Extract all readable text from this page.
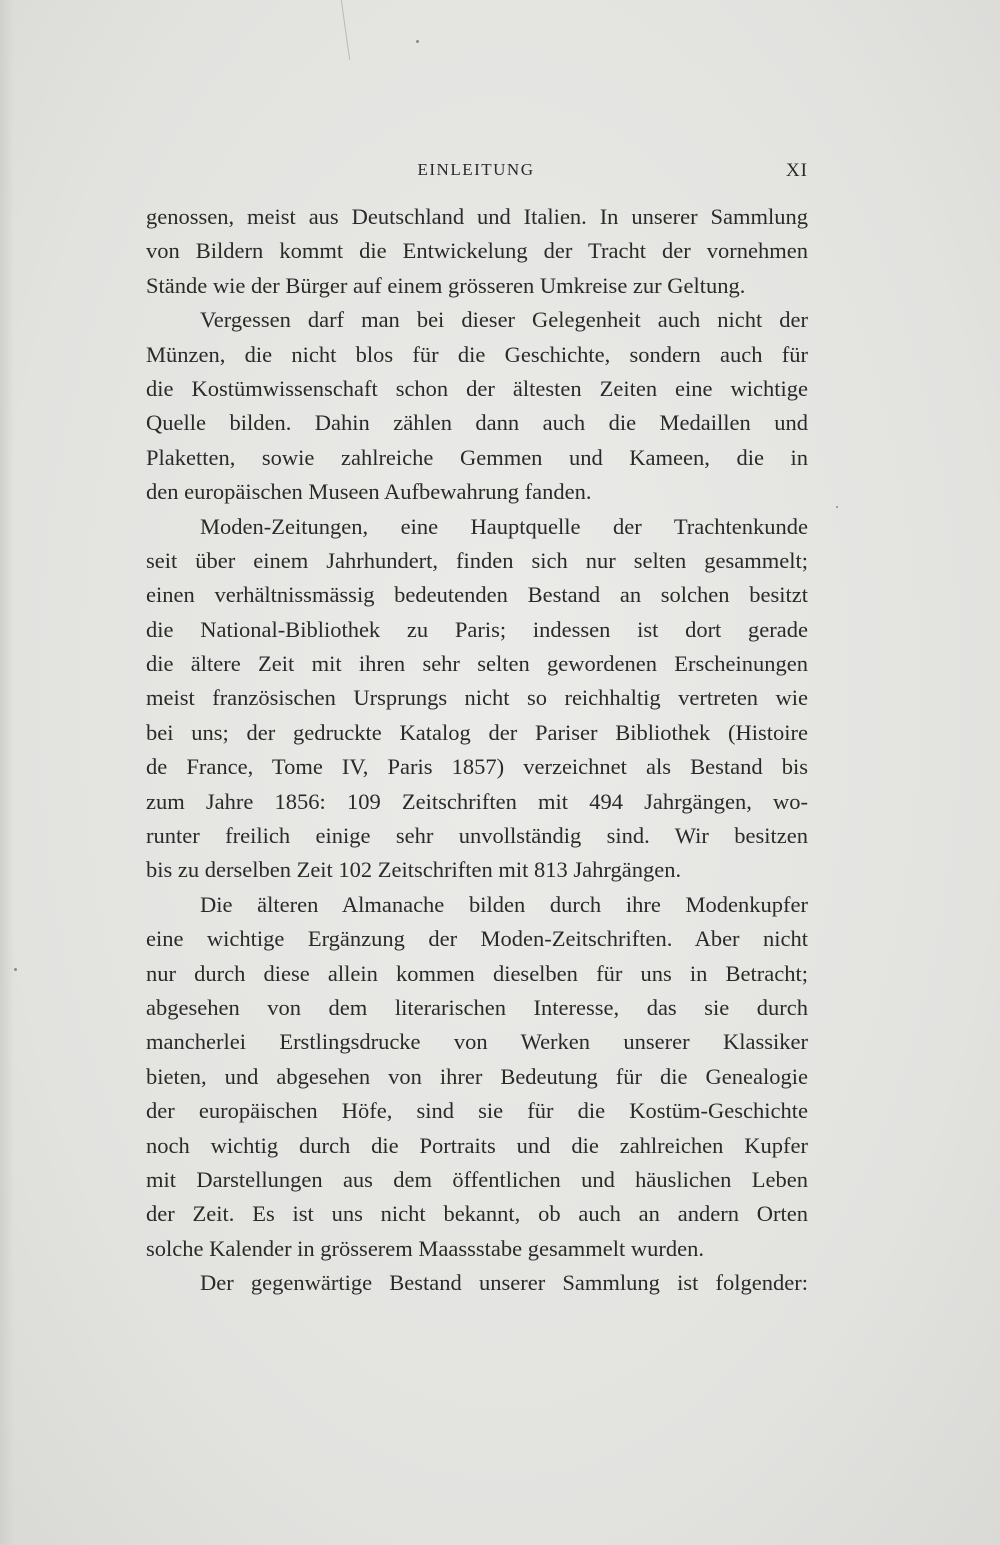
EINLEITUNG	XI
genossen, meist aus Deutschland und Italien. In unserer Sammlung
von Bildern kommt die Entwickelung der Tracht der vornehmen
Stände wie der Bürger auf einem grösseren Umkreise zur Geltung.
Vergessen darf man bei dieser Gelegenheit auch nicht der
Münzen, die nicht blos für die Geschichte, sondern auch für
die Kostümwissenschaft schon der ältesten Zeiten eine wichtige
Quelle bilden. Dahin zählen dann auch die Medaillen und
Plaketten, sowie zahlreiche Gemmen und Kameen, die in
den europäischen Museen Aufbewahrung fanden.
Moden-Zeitungen, eine Hauptquelle der Trachtenkunde
seit über einem Jahrhundert, finden sich nur selten gesammelt;
einen verhältnissmässig bedeutenden Bestand an solchen besitzt
die National-Bibliothek zu Paris; indessen ist dort gerade
die ältere Zeit mit ihren sehr selten gewordenen Erscheinungen
meist französischen Ursprungs nicht so reichhaltig vertreten wie
bei uns; der gedruckte Katalog der Pariser Bibliothek (Histoire
de France, Tome IV, Paris 1857) verzeichnet als Bestand bis
zum Jahre 1856: 109 Zeitschriften mit 494 Jahrgängen, wo-
runter freilich einige sehr unvollständig sind. Wir besitzen
bis zu derselben Zeit 102 Zeitschriften mit 813 Jahrgängen.
Die älteren Almanache bilden durch ihre Modenkupfer
eine wichtige Ergänzung der Moden-Zeitschriften. Aber nicht
nur durch diese allein kommen dieselben für uns in Betracht;
abgesehen von dem literarischen Interesse, das sie durch
mancherlei Erstlingsdrucke von Werken unserer Klassiker
bieten, und abgesehen von ihrer Bedeutung für die Genealogie
der europäischen Höfe, sind sie für die Kostüm-Geschichte
noch wichtig durch die Portraits und die zahlreichen Kupfer
mit Darstellungen aus dem öffentlichen und häuslichen Leben
der Zeit. Es ist uns nicht bekannt, ob auch an andern Orten
solche Kalender in grösserem Maassstabe gesammelt wurden.
Der gegenwärtige Bestand unserer Sammlung ist folgender:
